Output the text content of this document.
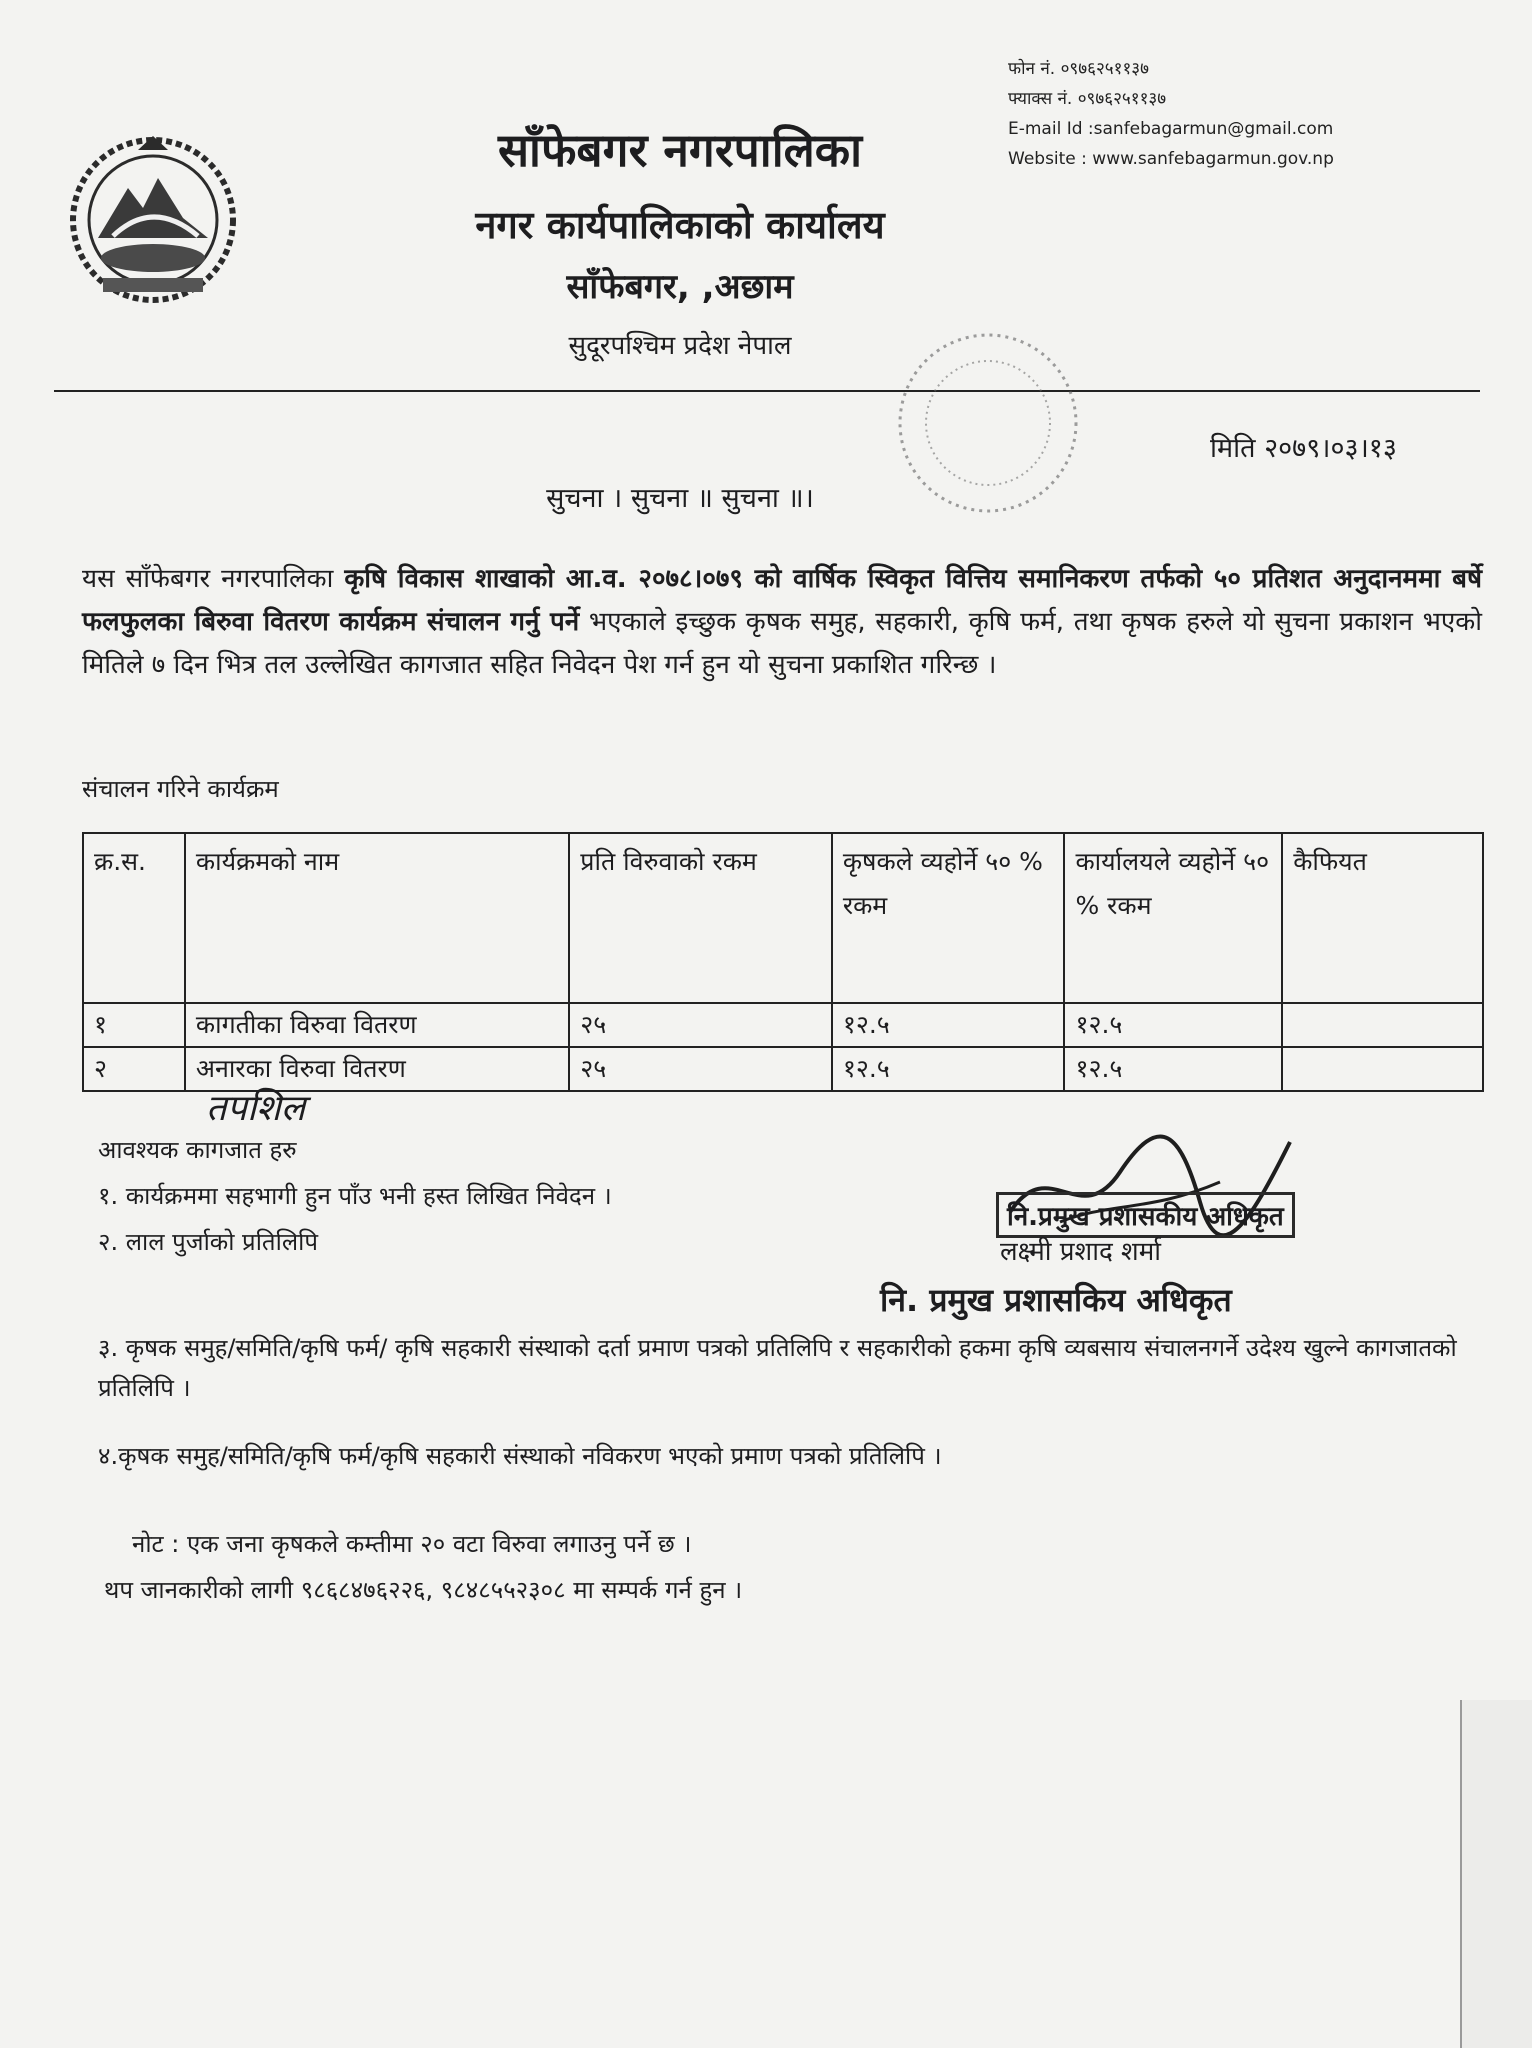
फोन नं. ०९७६२५११३७
फ्याक्स नं. ०९७६२५११३७
E-mail Id :sanfebagarmun@gmail.com
Website : www.sanfebagarmun.gov.np
साँफेबगर नगरपालिका
नगर कार्यपालिकाको कार्यालय
साँफेबगर, ,अछाम
सुदूरपश्चिम प्रदेश नेपाल
मिति २०७९।०३।१३
सुचना । सुचना ॥ सुचना ॥।
यस साँफेबगर नगरपालिका कृषि विकास शाखाको आ.व. २०७८।०७९ को वार्षिक स्विकृत वित्तिय समानिकरण तर्फको ५० प्रतिशत अनुदानममा बर्षे फलफुलका बिरुवा वितरण कार्यक्रम संचालन गर्नु पर्ने भएकाले इच्छुक कृषक समुह, सहकारी, कृषि फर्म, तथा कृषक हरुले यो सुचना प्रकाशन भएको मितिले ७ दिन भित्र तल उल्लेखित कागजात सहित निवेदन पेश गर्न हुन यो सुचना प्रकाशित गरिन्छ ।
संचालन गरिने कार्यक्रम
क्र.स.	कार्यक्रमको नाम	प्रति विरुवाको रकम	कृषकले व्यहोर्ने ५० % रकम	कार्यालयले व्यहोर्ने ५० % रकम	कैफियत
१	कागतीका विरुवा वितरण	२५	१२.५	१२.५	
२	अनारका विरुवा वितरण	२५	१२.५	१२.५	
तपशिल
आवश्यक कागजात हरु
१. कार्यक्रममा सहभागी हुन पाँउ भनी हस्त लिखित निवेदन ।
२. लाल पुर्जाको प्रतिलिपि
नि.प्रमुख प्रशासकीय अधिकृत
लक्ष्मी प्रशाद शर्मा
नि. प्रमुख प्रशासकिय अधिकृत
३. कृषक समुह/समिति/कृषि फर्म/ कृषि सहकारी संस्थाको दर्ता प्रमाण पत्रको प्रतिलिपि र सहकारीको हकमा कृषि व्यबसाय संचालनगर्ने उदेश्य खुल्ने कागजातको प्रतिलिपि ।
४.कृषक समुह/समिति/कृषि फर्म/कृषि सहकारी संस्थाको नविकरण भएको प्रमाण पत्रको प्रतिलिपि ।
नोट : एक जना कृषकले कम्तीमा २० वटा विरुवा लगाउनु पर्ने छ ।
थप जानकारीको लागी ९८६८४७६२२६, ९८४८५५२३०८ मा सम्पर्क गर्न हुन ।
